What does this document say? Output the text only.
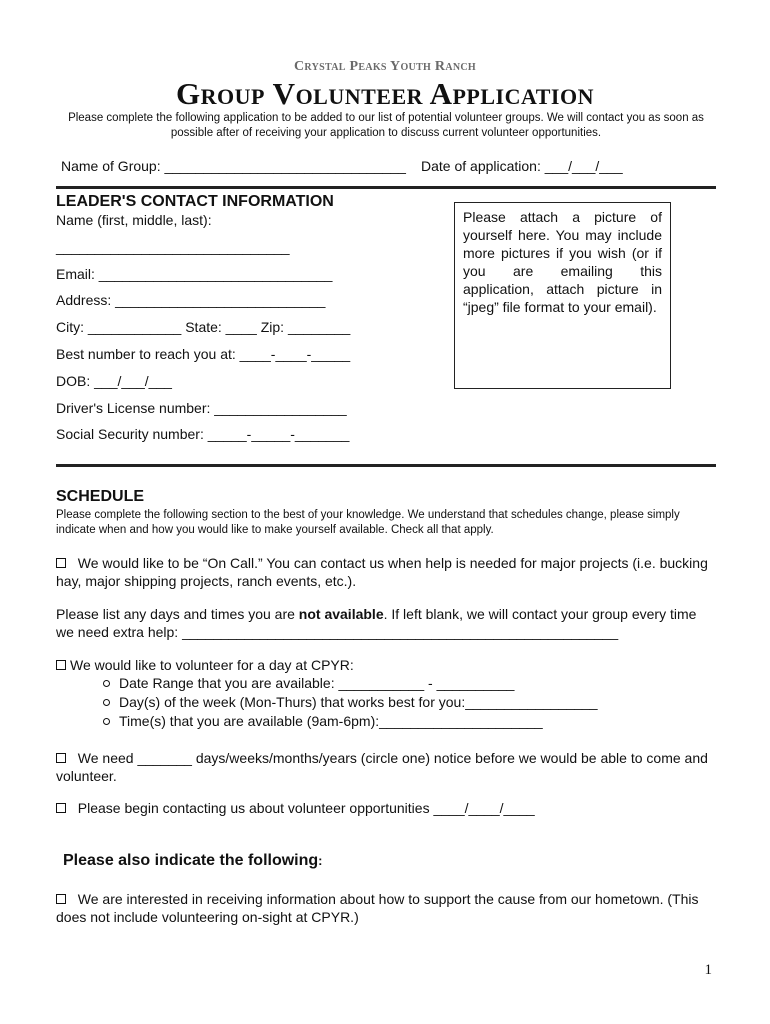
Crystal Peaks Youth Ranch
Group Volunteer Application
Please complete the following application to be added to our list of potential volunteer groups. We will contact you as soon as possible after of receiving your application to discuss current volunteer opportunities.
Name of Group: _______________________________ Date of application: ___/___/___
LEADER'S CONTACT INFORMATION
Name (first, middle, last):
______________________________
Email: ______________________________
Address: ___________________________
City: ____________ State: ____ Zip: ________
Best number to reach you at: ____-____-_____
DOB: ___/___/___
Driver's License number: _________________
Social Security number: _____-_____-_______
Please attach a picture of yourself here. You may include more pictures if you wish (or if you are emailing this application, attach picture in “jpeg” file format to your email).
SCHEDULE
Please complete the following section to the best of your knowledge. We understand that schedules change, please simply indicate when and how you would like to make yourself available. Check all that apply.
We would like to be “On Call.” You can contact us when help is needed for major projects (i.e. bucking hay, major shipping projects, ranch events, etc.).
Please list any days and times you are not available. If left blank, we will contact your group every time we need extra help: ________________________________________________________
We would like to volunteer for a day at CPYR:
Date Range that you are available: ___________ - __________
Day(s) of the week (Mon-Thurs) that works best for you:_________________
Time(s) that you are available (9am-6pm):_____________________
We need _______ days/weeks/months/years (circle one) notice before we would be able to come and volunteer.
Please begin contacting us about volunteer opportunities ____/____/____
Please also indicate the following:
We are interested in receiving information about how to support the cause from our hometown. (This does not include volunteering on-sight at CPYR.)
1
